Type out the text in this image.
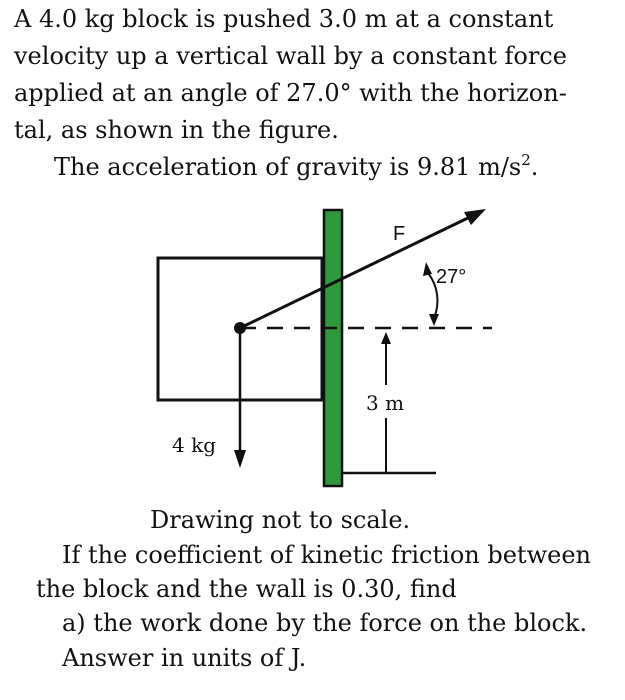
A 4.0 kg block is pushed 3.0 m at a constant
velocity up a vertical wall by a constant force
applied at an angle of 27.0° with the horizon-
tal, as shown in the figure.
The acceleration of gravity is 9.81 $m/s^2$.
F
27°
3 m
4 kg
Drawing not to scale.
If the coefficient of kinetic friction between
the block and the wall is 0.30, find
a) the work done by the force on the block.
Answer in units of J.
